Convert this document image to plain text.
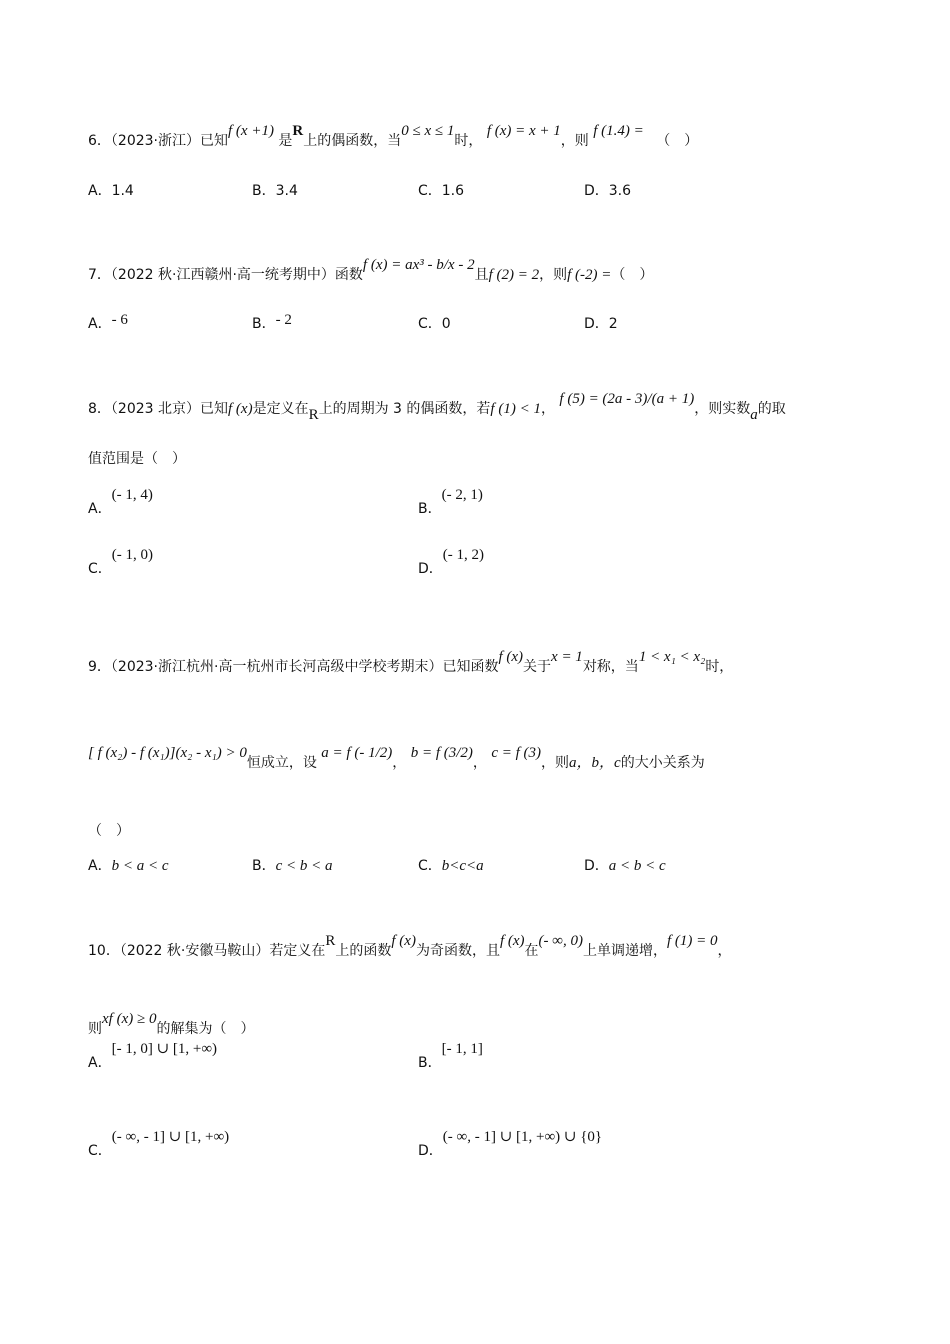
6．（2023·浙江）已知f (x +1) 是R上的偶函数，当0 ≤ x ≤ 1时， f (x) = x + 1，则 f (1.4) = （　）
A．1.4	B．3.4	C．1.6	D．3.6
7．（2022 秋·江西赣州·高一统考期中）函数f (x) = ax³ - b/x - 2且f (2) = 2，则f (-2) =（　）
A．- 6	B．- 2	C．0	D．2
8．（2023 北京）已知f (x)是定义在R上的周期为 3 的偶函数，若f (1) < 1， f (5) = (2a - 3)/(a + 1)，则实数a的取
值范围是（　）
A．(- 1, 4)
B．(- 2, 1)
C．(- 1, 0)
D．(- 1, 2)
9．（2023·浙江杭州·高一杭州市长河高级中学校考期末）已知函数f (x)关于x = 1对称，当1 < x₁ < x₂时，
[ f (x₂) - f (x₁)](x₂ - x₁) > 0恒成立，设 a = f (- 1/2)， b = f (3/2)， c = f (3)，则a，b，c的大小关系为
（　）
A．b < a < c	B．c < b < a	C．b<c<a	D．a < b < c
10．（2022 秋·安徽马鞍山）若定义在R上的函数f (x)为奇函数，且f (x)在(- ∞, 0)上单调递增，f (1) = 0，
则xf (x) ≥ 0的解集为（　）
A．[- 1, 0] ∪ [1, +∞)
B．[- 1, 1]
C．(- ∞, - 1] ∪ [1, +∞)
D．(- ∞, - 1] ∪ [1, +∞) ∪ {0}
